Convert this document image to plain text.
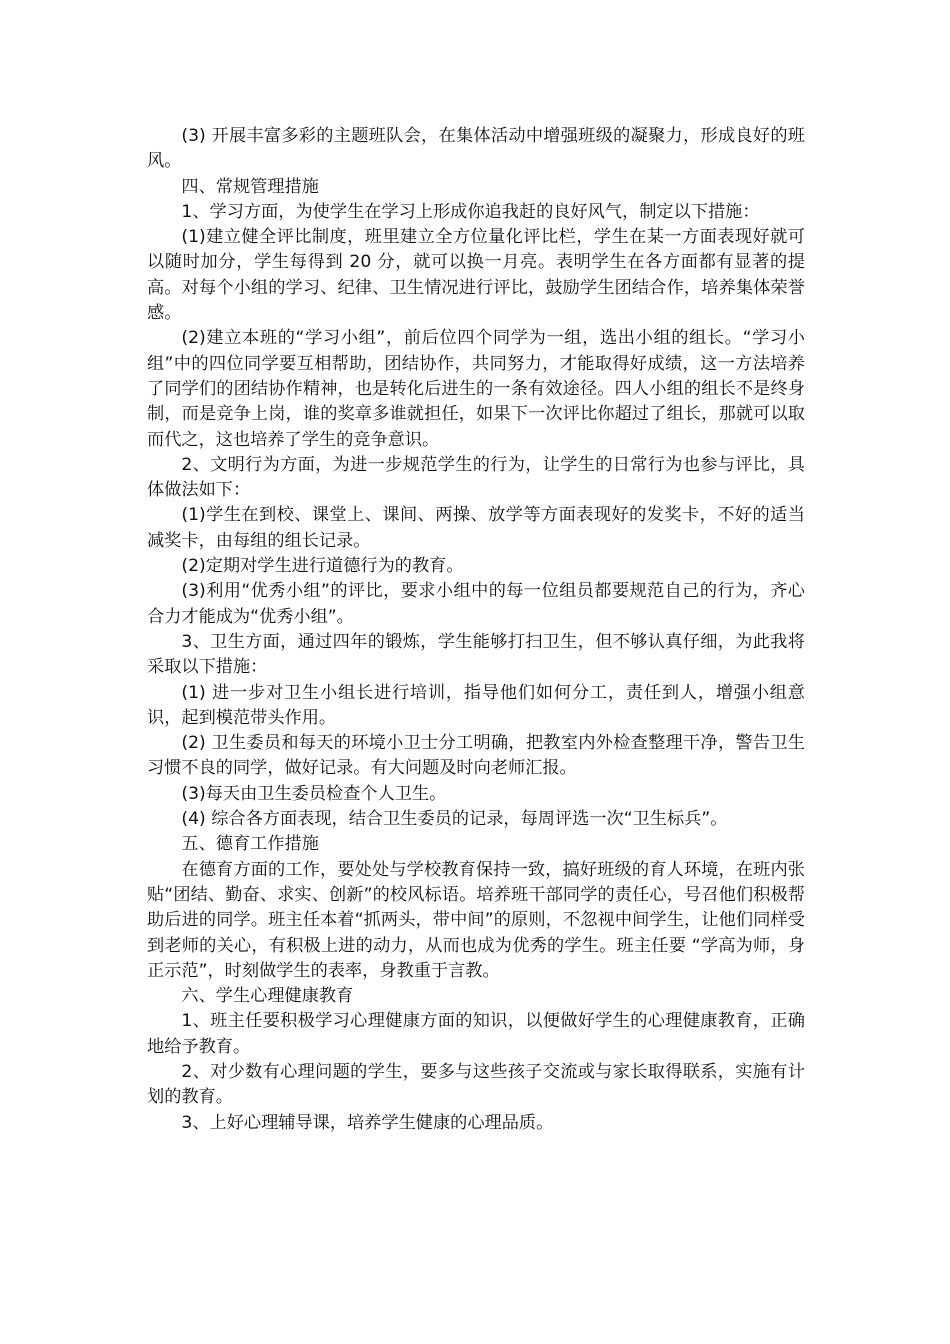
(3) 开展丰富多彩的主题班队会，在集体活动中增强班级的凝聚力，形成良好的班风。

四、常规管理措施

1、学习方面，为使学生在学习上形成你追我赶的良好风气，制定以下措施：

(1)建立健全评比制度，班里建立全方位量化评比栏，学生在某一方面表现好就可以随时加分，学生每得到 20 分，就可以换一月亮。表明学生在各方面都有显著的提高。对每个小组的学习、纪律、卫生情况进行评比，鼓励学生团结合作，培养集体荣誉感。

(2)建立本班的“学习小组”，前后位四个同学为一组，选出小组的组长。“学习小组”中的四位同学要互相帮助，团结协作，共同努力，才能取得好成绩，这一方法培养了同学们的团结协作精神，也是转化后进生的一条有效途径。四人小组的组长不是终身制，而是竞争上岗，谁的奖章多谁就担任，如果下一次评比你超过了组长，那就可以取而代之，这也培养了学生的竞争意识。

2、文明行为方面，为进一步规范学生的行为，让学生的日常行为也参与评比，具体做法如下：

(1)学生在到校、课堂上、课间、两操、放学等方面表现好的发奖卡，不好的适当减奖卡，由每组的组长记录。

(2)定期对学生进行道德行为的教育。

(3)利用“优秀小组”的评比，要求小组中的每一位组员都要规范自己的行为，齐心合力才能成为“优秀小组”。

3、卫生方面，通过四年的锻炼，学生能够打扫卫生，但不够认真仔细，为此我将采取以下措施：

(1) 进一步对卫生小组长进行培训，指导他们如何分工，责任到人，增强小组意识，起到模范带头作用。

(2) 卫生委员和每天的环境小卫士分工明确，把教室内外检查整理干净，警告卫生习惯不良的同学，做好记录。有大问题及时向老师汇报。

(3)每天由卫生委员检查个人卫生。

(4) 综合各方面表现，结合卫生委员的记录，每周评选一次“卫生标兵”。

五、德育工作措施

在德育方面的工作，要处处与学校教育保持一致，搞好班级的育人环境，在班内张贴“团结、勤奋、求实、创新”的校风标语。培养班干部同学的责任心，号召他们积极帮助后进的同学。班主任本着“抓两头，带中间”的原则，不忽视中间学生，让他们同样受到老师的关心，有积极上进的动力，从而也成为优秀的学生。班主任要 “学高为师，身正示范”，时刻做学生的表率，身教重于言教。

六、学生心理健康教育

1、班主任要积极学习心理健康方面的知识，以便做好学生的心理健康教育，正确地给予教育。

2、对少数有心理问题的学生，要多与这些孩子交流或与家长取得联系，实施有计划的教育。

3、上好心理辅导课，培养学生健康的心理品质。
